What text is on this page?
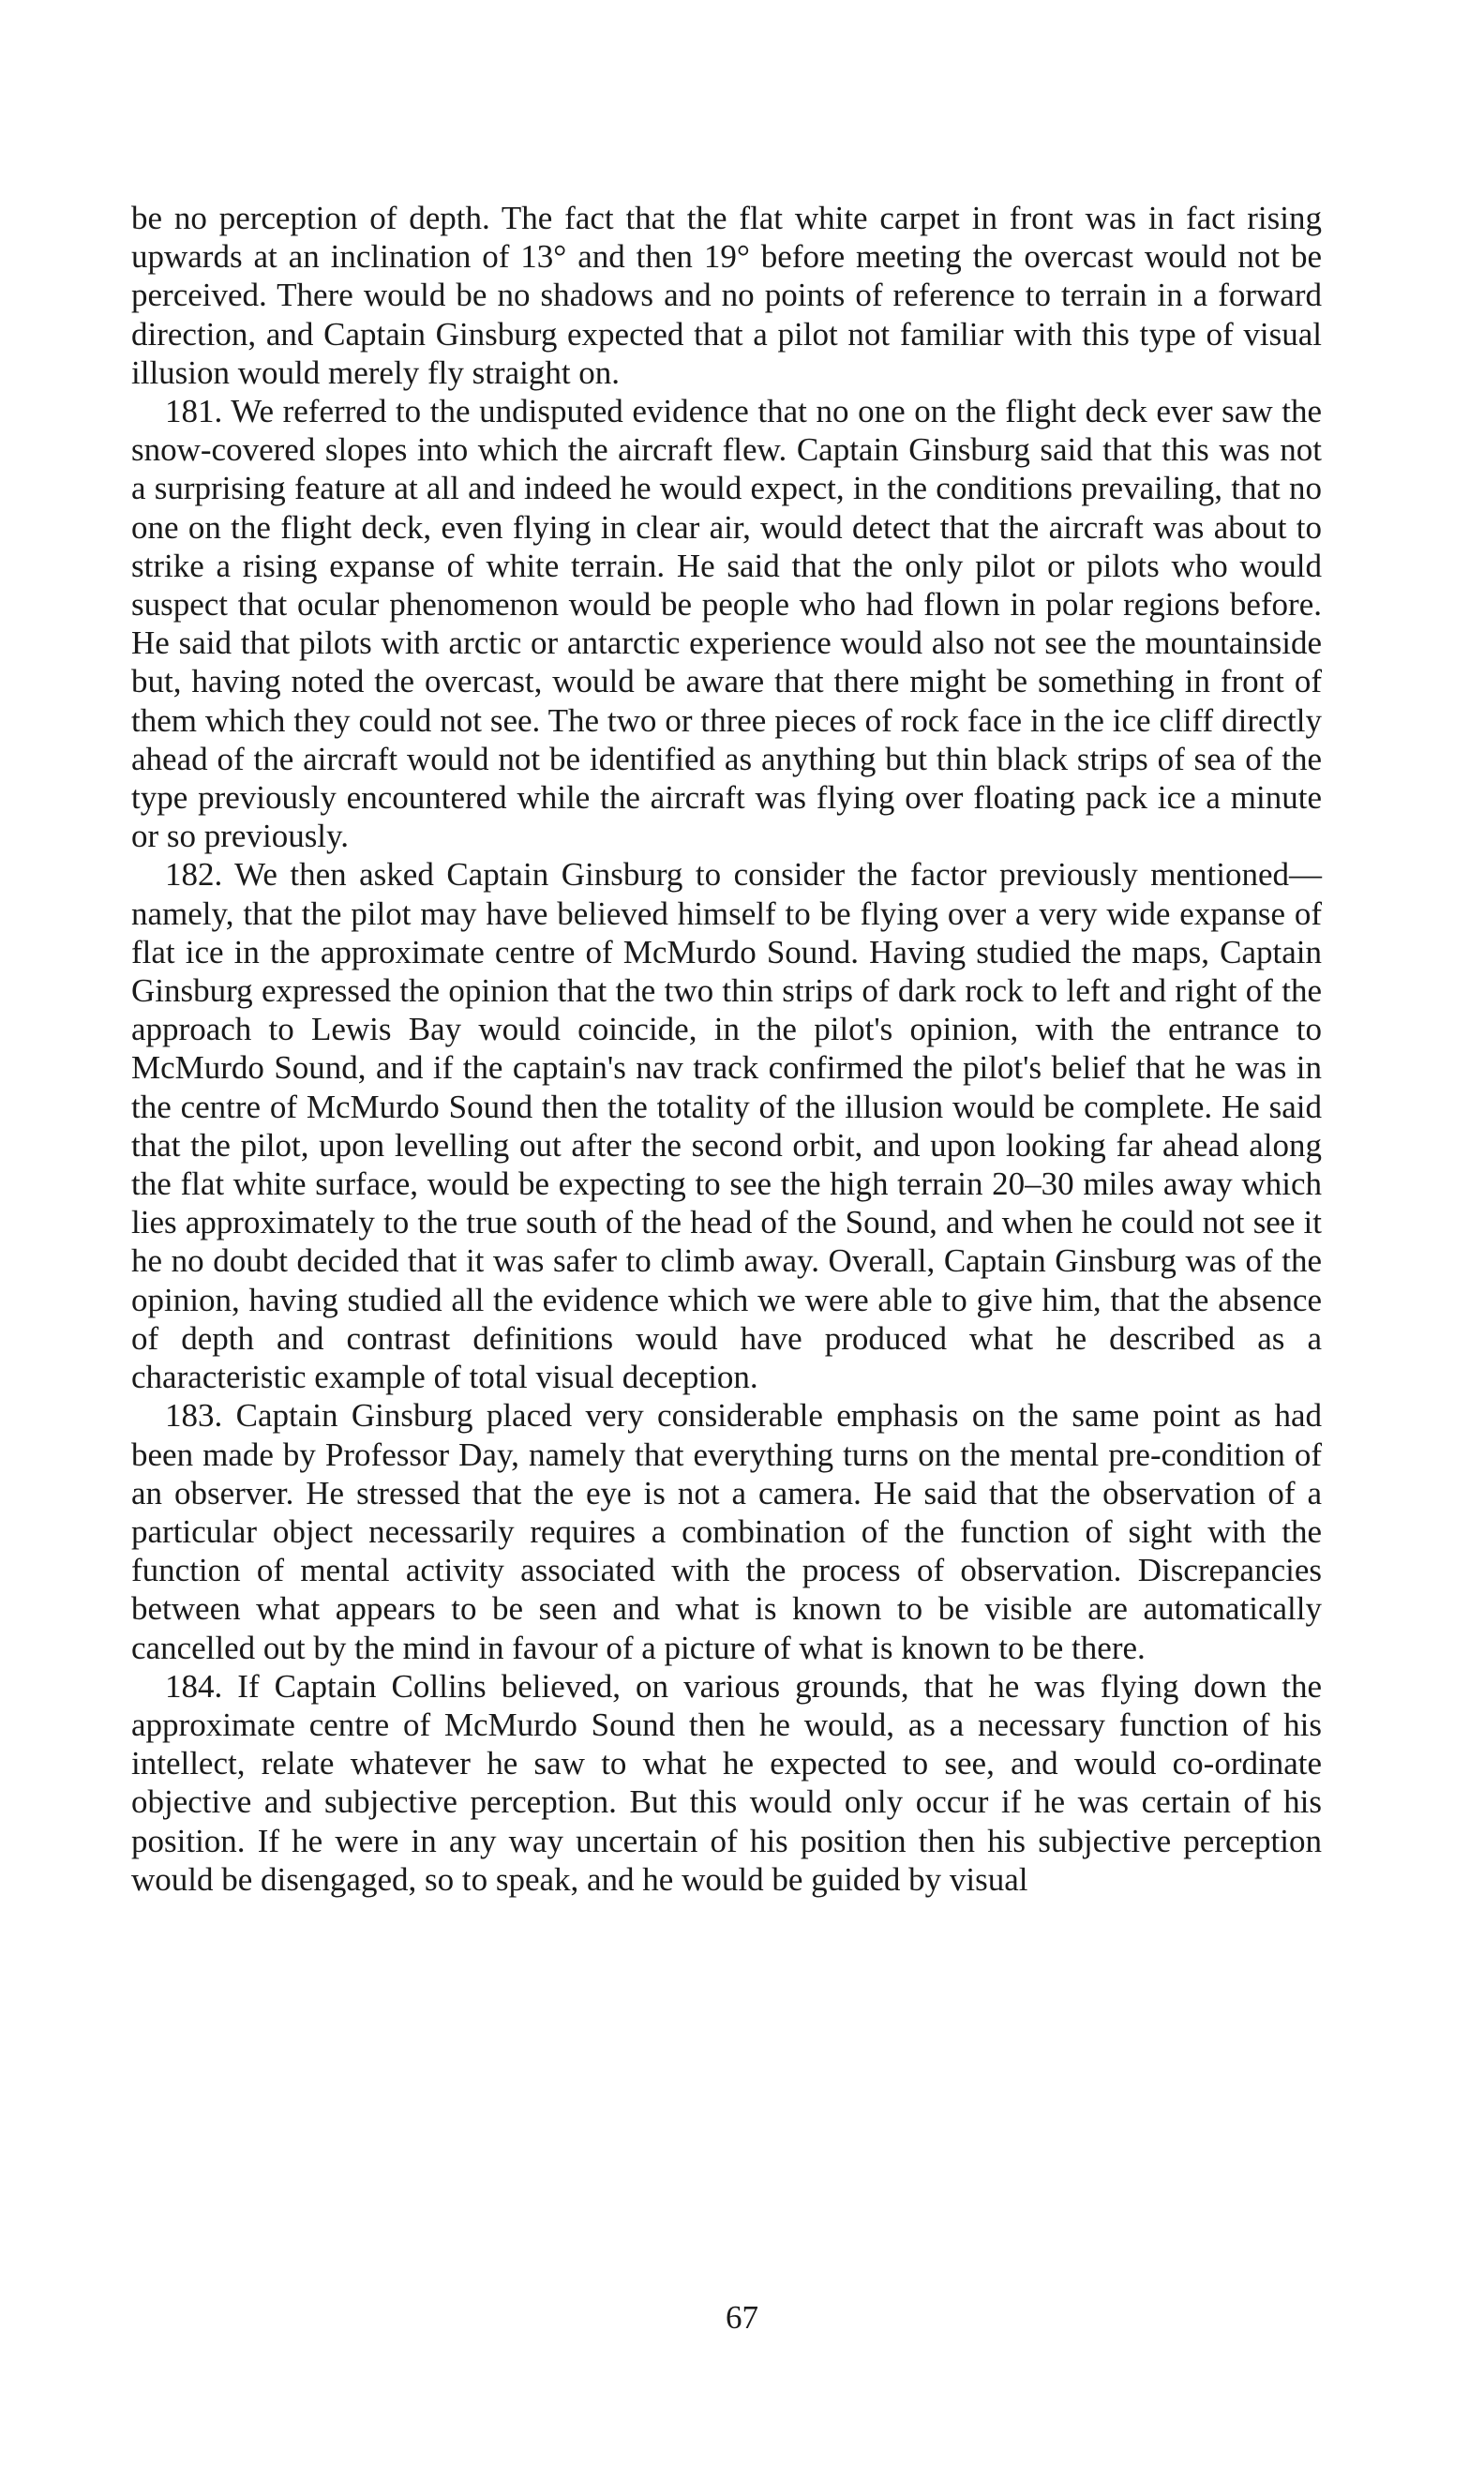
be no perception of depth. The fact that the flat white carpet in front was in fact rising upwards at an inclination of 13° and then 19° before meeting the overcast would not be perceived. There would be no shadows and no points of reference to terrain in a forward direction, and Captain Ginsburg expected that a pilot not familiar with this type of visual illusion would merely fly straight on.

181. We referred to the undisputed evidence that no one on the flight deck ever saw the snow-covered slopes into which the aircraft flew. Captain Ginsburg said that this was not a surprising feature at all and indeed he would expect, in the conditions prevailing, that no one on the flight deck, even flying in clear air, would detect that the aircraft was about to strike a rising expanse of white terrain. He said that the only pilot or pilots who would suspect that ocular phenomenon would be people who had flown in polar regions before. He said that pilots with arctic or antarctic experience would also not see the mountainside but, having noted the overcast, would be aware that there might be something in front of them which they could not see. The two or three pieces of rock face in the ice cliff directly ahead of the aircraft would not be identified as anything but thin black strips of sea of the type previously encountered while the aircraft was flying over floating pack ice a minute or so previously.

182. We then asked Captain Ginsburg to consider the factor previously mentioned—namely, that the pilot may have believed himself to be flying over a very wide expanse of flat ice in the approximate centre of McMurdo Sound. Having studied the maps, Captain Ginsburg expressed the opinion that the two thin strips of dark rock to left and right of the approach to Lewis Bay would coincide, in the pilot's opinion, with the entrance to McMurdo Sound, and if the captain's nav track confirmed the pilot's belief that he was in the centre of McMurdo Sound then the totality of the illusion would be complete. He said that the pilot, upon levelling out after the second orbit, and upon looking far ahead along the flat white surface, would be expecting to see the high terrain 20–30 miles away which lies approximately to the true south of the head of the Sound, and when he could not see it he no doubt decided that it was safer to climb away. Overall, Captain Ginsburg was of the opinion, having studied all the evidence which we were able to give him, that the absence of depth and contrast definitions would have produced what he described as a characteristic example of total visual deception.

183. Captain Ginsburg placed very considerable emphasis on the same point as had been made by Professor Day, namely that everything turns on the mental pre-condition of an observer. He stressed that the eye is not a camera. He said that the observation of a particular object necessarily requires a combination of the function of sight with the function of mental activity associated with the process of observation. Discrepancies between what appears to be seen and what is known to be visible are automatically cancelled out by the mind in favour of a picture of what is known to be there.

184. If Captain Collins believed, on various grounds, that he was flying down the approximate centre of McMurdo Sound then he would, as a necessary function of his intellect, relate whatever he saw to what he expected to see, and would co-ordinate objective and subjective perception. But this would only occur if he was certain of his position. If he were in any way uncertain of his position then his subjective perception would be disengaged, so to speak, and he would be guided by visual

67
